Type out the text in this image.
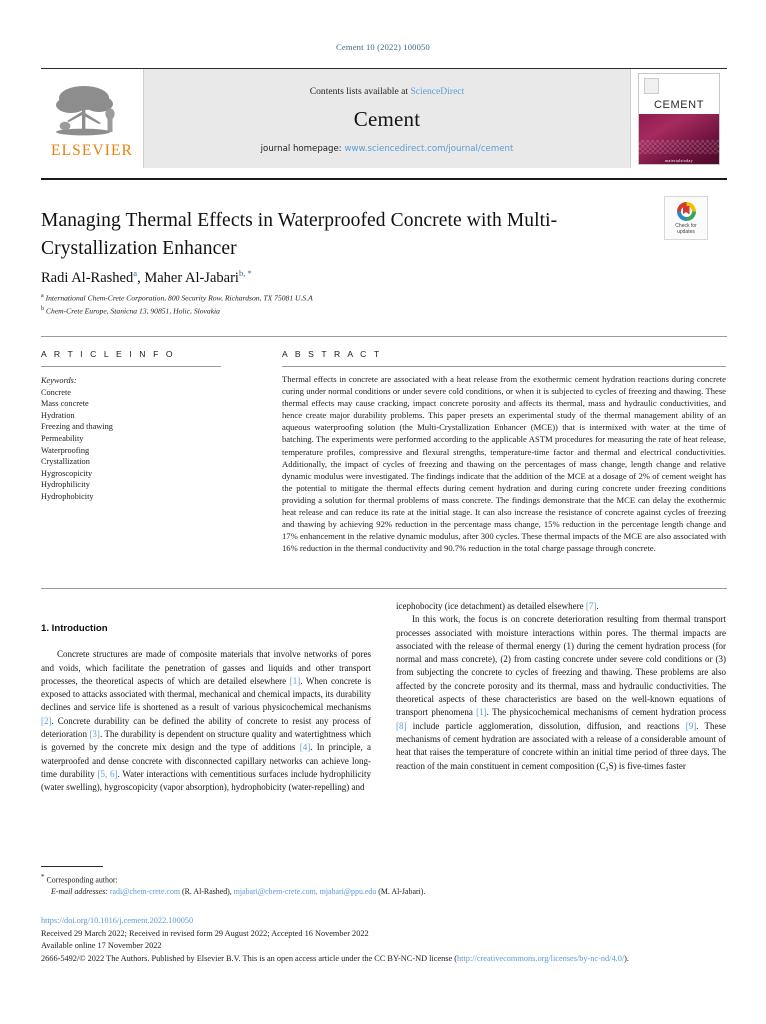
Cement 10 (2022) 100050
ELSEVIER
Contents lists available at ScienceDirect
Cement
journal homepage: www.sciencedirect.com/journal/cement
CEMENT
materialstoday
Managing Thermal Effects in Waterproofed Concrete with Multi-Crystallization Enhancer
Check for
updates
Radi Al-Rashed$^a$, Maher Al-Jabari$^{b, *}$
$^a$ International Chem-Crete Corporation, 800 Security Row, Richardson, TX 75081 U.S.A
$^b$ Chem-Crete Europe, Stanicna 13, 90851, Holic, Slovakia
A R T I C L E I N F O	A B S T R A C T
Keywords:
Concrete
Mass concrete
Hydration
Freezing and thawing
Permeability
Waterproofing
Crystallization
Hygroscopicity
Hydrophilicity
Hydrophobicity
Thermal effects in concrete are associated with a heat release from the exothermic cement hydration reactions during concrete curing under normal conditions or under severe cold conditions, or when it is subjected to cycles of freezing and thawing. These thermal effects may cause cracking, impact concrete porosity and affects its thermal, mass and hydraulic conductivities, and hence create major durability problems. This paper presets an experimental study of the thermal management ability of an aqueous waterproofing solution (the Multi-Crystallization Enhancer (MCE)) that is intermixed with water at the time of batching. The experiments were performed according to the applicable ASTM procedures for measuring the rate of heat release, temperature profiles, compressive and flexural strengths, temperature-time factor and thermal and electrical conductivities. Additionally, the impact of cycles of freezing and thawing on the percentages of mass change, length change and relative dynamic modulus were investigated. The findings indicate that the addition of the MCE at a dosage of 2% of cement weight has the potential to mitigate the thermal effects during cement hydration and during curing concrete under freezing conditions providing a solution for thermal problems of mass concrete. The findings demonstrate that the MCE can delay the exothermic heat release and can reduce its rate at the initial stage. It can also increase the resistance of concrete against cycles of freezing and thawing by achieving 92% reduction in the percentage mass change, 15% reduction in the percentage length change and 17% enhancement in the relative dynamic modulus, after 300 cycles. These thermal impacts of the MCE are also associated with 16% reduction in the thermal conductivity and 90.7% reduction in the total charge passage through concrete.
1. Introduction

Concrete structures are made of composite materials that involve networks of pores and voids, which facilitate the penetration of gasses and liquids and other transport processes, the theoretical aspects of which are detailed elsewhere [1]. When concrete is exposed to attacks associated with thermal, mechanical and chemical impacts, its durability declines and service life is shortened as a result of various physicochemical mechanisms [2]. Concrete durability can be defined the ability of concrete to resist any process of deterioration [3]. The durability is dependent on structure quality and watertightness which is governed by the concrete mix design and the type of additions [4]. In principle, a waterproofed and dense concrete with disconnected capillary networks can achieve long-time durability [5, 6]. Water interactions with cementitious surfaces include hydrophilicity (water swelling), hygroscopicity (vapor absorption), hydrophobicity (water-repelling) and

icephobocity (ice detachment) as detailed elsewhere [7].

In this work, the focus is on concrete deterioration resulting from thermal transport processes associated with moisture interactions within pores. The thermal impacts are associated with the release of thermal energy (1) during the cement hydration process (for normal and mass concrete), (2) from casting concrete under severe cold conditions or (3) from subjecting the concrete to cycles of freezing and thawing. These problems are also affected by the concrete porosity and its thermal, mass and hydraulic conductivities. The theoretical aspects of these characteristics are based on the well-known equations of transport phenomena [1]. The physicochemical mechanisms of cement hydration process [8] include particle agglomeration, dissolution, diffusion, and reactions [9]. These mechanisms of cement hydration are associated with a release of a considerable amount of heat that raises the temperature of concrete within an initial time period of three days. The reaction of the main constituent in cement composition (C₃S) is five-times faster

* Corresponding author:
E-mail addresses: radi@chem-crete.com (R. Al-Rashed), mjabari@chem-crete.com, mjabari@ppu.edu (M. Al-Jabari).
https://doi.org/10.1016/j.cement.2022.100050
Received 29 March 2022; Received in revised form 29 August 2022; Accepted 16 November 2022
Available online 17 November 2022
2666-5492/© 2022 The Authors. Published by Elsevier B.V. This is an open access article under the CC BY-NC-ND license (http://creativecommons.org/licenses/by-nc-nd/4.0/).
